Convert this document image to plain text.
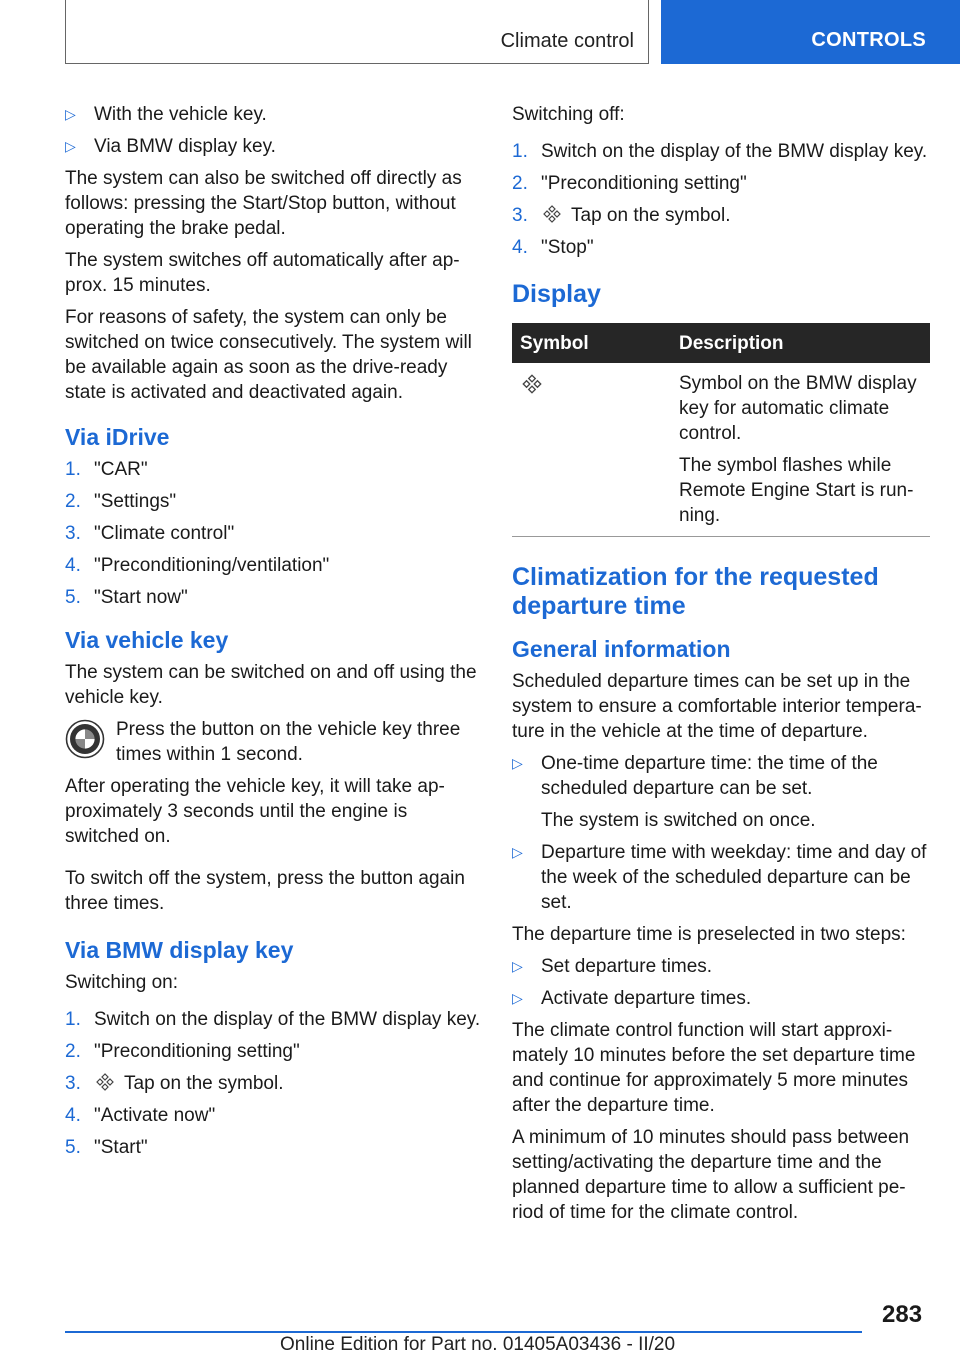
Climate control	CONTROLS
▷ With the vehicle key.
▷ Via BMW display key.

The system can also be switched off directly as follows: pressing the Start/Stop button, without operating the brake pedal.

The system switches off automatically after ap-prox. 15 minutes.

For reasons of safety, the system can only be switched on twice consecutively. The system will be available again as soon as the drive-ready state is activated and deactivated again.

Via iDrive
1. "CAR"
2. "Settings"
3. "Climate control"
4. "Preconditioning/ventilation"
5. "Start now"
Via vehicle key

The system can be switched on and off using the vehicle key.

Press the button on the vehicle key three times within 1 second.

After operating the vehicle key, it will take ap-proximately 3 seconds until the engine is switched on.

To switch off the system, press the button again three times.

Via BMW display key

Switching on:

1. Switch on the display of the BMW display key.
2. "Preconditioning setting"
3. Tap on the symbol.
4. "Activate now"
5. "Start"

Switching off:

1. Switch on the display of the BMW display key.
2. "Preconditioning setting"
3. Tap on the symbol.
4. "Stop"
Display
Symbol	Description

Symbol on the BMW display key for automatic climate control.

The symbol flashes while Remote Engine Start is run-ning.

Climatization for the requested departure time
General information

Scheduled departure times can be set up in the system to ensure a comfortable interior tempera-ture in the vehicle at the time of departure.

▷ One-time departure time: the time of the scheduled departure can be set.
The system is switched on once.
▷ Departure time with weekday: time and day of the week of the scheduled departure can be set.

The departure time is preselected in two steps:

▷ Set departure times.
▷ Activate departure times.

The climate control function will start approxi-mately 10 minutes before the set departure time and continue for approximately 5 more minutes after the departure time.

A minimum of 10 minutes should pass between setting/activating the departure time and the planned departure time to allow a sufficient pe-riod of time for the climate control.

283
Online Edition for Part no. 01405A03436 - II/20
